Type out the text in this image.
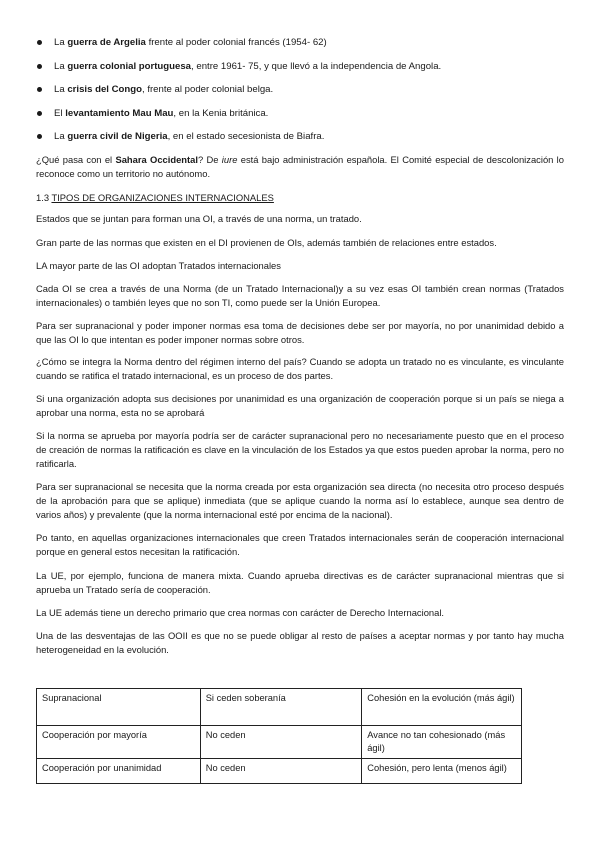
La guerra de Argelia frente al poder colonial francés (1954- 62)
La guerra colonial portuguesa, entre 1961- 75, y que llevó a la independencia de Angola.
La crisis del Congo, frente al poder colonial belga.
El levantamiento Mau Mau, en la Kenia británica.
La guerra civil de Nigeria, en el estado secesionista de Biafra.
¿Qué pasa con el Sahara Occidental? De iure está bajo administración española. El Comité especial de descolonización lo reconoce como un territorio no autónomo.
1.3 TIPOS DE ORGANIZACIONES INTERNACIONALES
Estados que se juntan para forman una OI, a través de una norma, un tratado.
Gran parte de las normas que existen en el DI provienen de OIs, además también de relaciones entre estados.
LA mayor parte de las OI adoptan Tratados internacionales
Cada OI se crea a través de una Norma (de un Tratado Internacional)y a su vez esas OI también crean normas (Tratados internacionales) o también leyes que no son TI, como puede ser la Unión Europea.
Para ser supranacional y poder imponer normas esa toma de decisiones debe ser por mayoría, no por unanimidad debido a que las OI lo que intentan es poder imponer normas sobre otros.
¿Cómo se integra la Norma dentro del régimen interno del país? Cuando se adopta un tratado no es vinculante, es vinculante cuando se ratifica el tratado internacional, es un proceso de dos partes.
Si una organización adopta sus decisiones por unanimidad es una organización de cooperación porque si un país se niega a aprobar una norma, esta no se aprobará
Si la norma se aprueba por mayoría podría ser de carácter supranacional pero no necesariamente puesto que en el proceso de creación de normas la ratificación es clave en la vinculación de los Estados ya que estos pueden aprobar la norma, pero no ratificarla.
Para ser supranacional se necesita que la norma creada por esta organización sea directa (no necesita otro proceso después de la aprobación para que se aplique) inmediata (que se aplique cuando la norma así lo establece, aunque sea dentro de varios años) y prevalente (que la norma internacional esté por encima de la nacional).
Po tanto, en aquellas organizaciones internacionales que creen Tratados internacionales serán de cooperación internacional porque en general estos necesitan la ratificación.
La UE, por ejemplo, funciona de manera mixta. Cuando aprueba directivas es de carácter supranacional mientras que si aprueba un Tratado sería de cooperación.
La UE además tiene un derecho primario que crea normas con carácter de Derecho Internacional.
Una de las desventajas de las OOII es que no se puede obligar al resto de países a aceptar normas y por tanto hay mucha heterogeneidad en la evolución.
Supranacional	Si ceden soberanía	Cohesión en la evolución (más ágil)
Cooperación por mayoría	No ceden	Avance no tan cohesionado (más ágil)
Cooperación por unanimidad	No ceden	Cohesión, pero lenta (menos ágil)
